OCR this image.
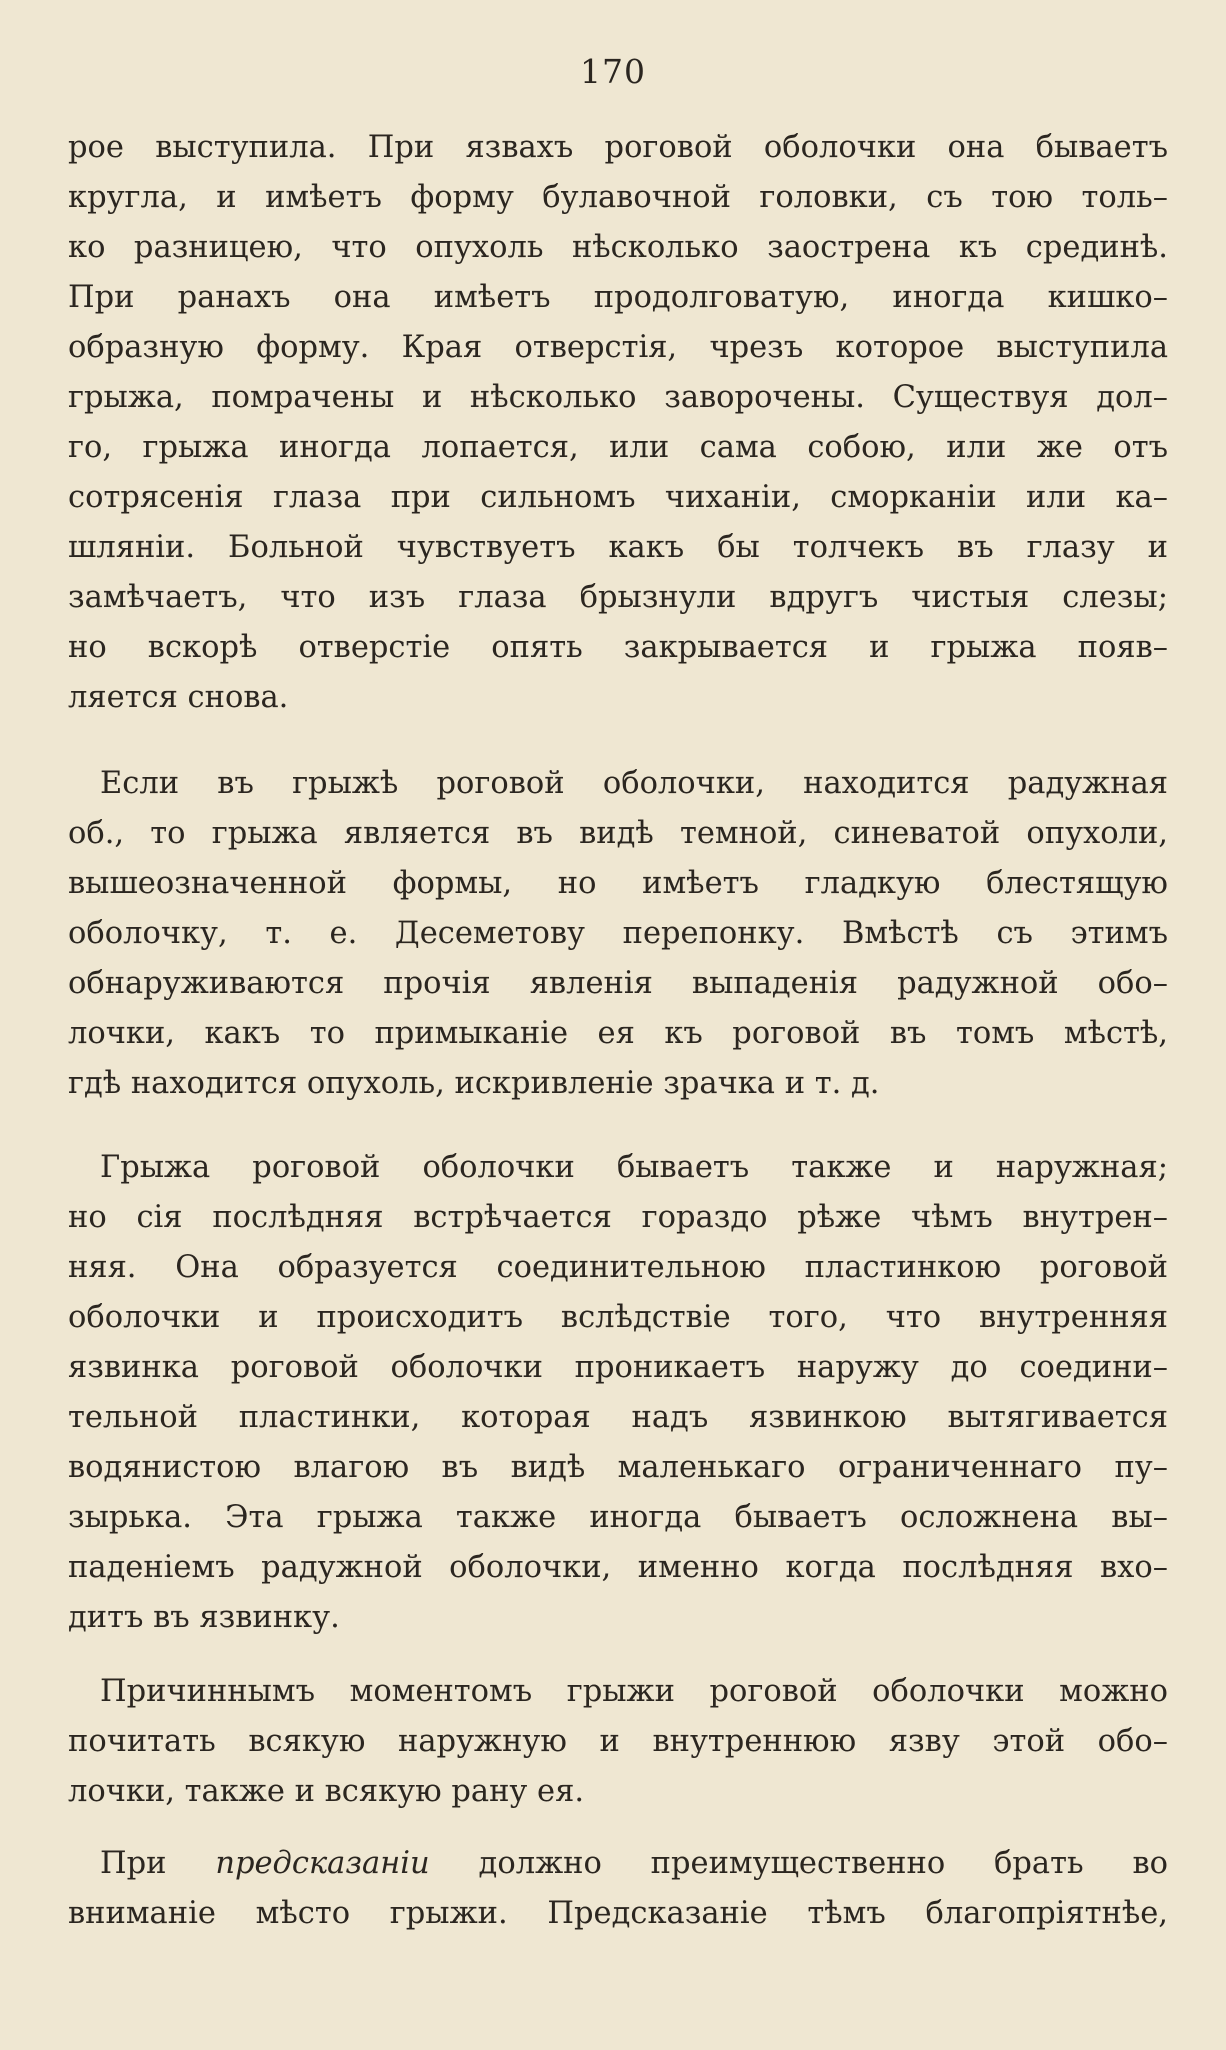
170
рое выступила. При язвахъ роговой оболочки она бываетъ
кругла, и имѣетъ форму булавочной головки, съ тою толь–
ко разницею, что опухоль нѣсколько заострена къ срединѣ.
При ранахъ она имѣетъ продолговатую, иногда кишко–
образную форму. Края отверстія, чрезъ которое выступила
грыжа, помрачены и нѣсколько заворочены. Существуя дол–
го, грыжа иногда лопается, или сама собою, или же отъ
сотрясенія глаза при сильномъ чиханіи, сморканіи или ка–
шляніи. Больной чувствуетъ какъ бы толчекъ въ глазу и
замѣчаетъ, что изъ глаза брызнули вдругъ чистыя слезы;
но вскорѣ отверстіе опять закрывается и грыжа появ–
ляется снова.
Если въ грыжѣ роговой оболочки, находится радужная
об., то грыжа является въ видѣ темной, синеватой опухоли,
вышеозначенной формы, но имѣетъ гладкую блестящую
оболочку, т. е. Десеметову перепонку. Вмѣстѣ съ этимъ
обнаруживаются прочія явленія выпаденія радужной обо–
лочки, какъ то примыканіе ея къ роговой въ томъ мѣстѣ,
гдѣ находится опухоль, искривленіе зрачка и т. д.
Грыжа роговой оболочки бываетъ также и наружная;
но сія послѣдняя встрѣчается гораздо рѣже чѣмъ внутрен–
няя. Она образуется соединительною пластинкою роговой
оболочки и происходитъ вслѣдствіе того, что внутренняя
язвинка роговой оболочки проникаетъ наружу до соедини–
тельной пластинки, которая надъ язвинкою вытягивается
водянистою влагою въ видѣ маленькаго ограниченнаго пу–
зырька. Эта грыжа также иногда бываетъ осложнена вы–
паденіемъ радужной оболочки, именно когда послѣдняя вхо–
дитъ въ язвинку.
Причиннымъ моментомъ грыжи роговой оболочки можно
почитать всякую наружную и внутреннюю язву этой обо–
лочки, также и всякую рану ея.
При предсказаніи должно преимущественно брать во
вниманіе мѣсто грыжи. Предсказаніе тѣмъ благопріятнѣе,
